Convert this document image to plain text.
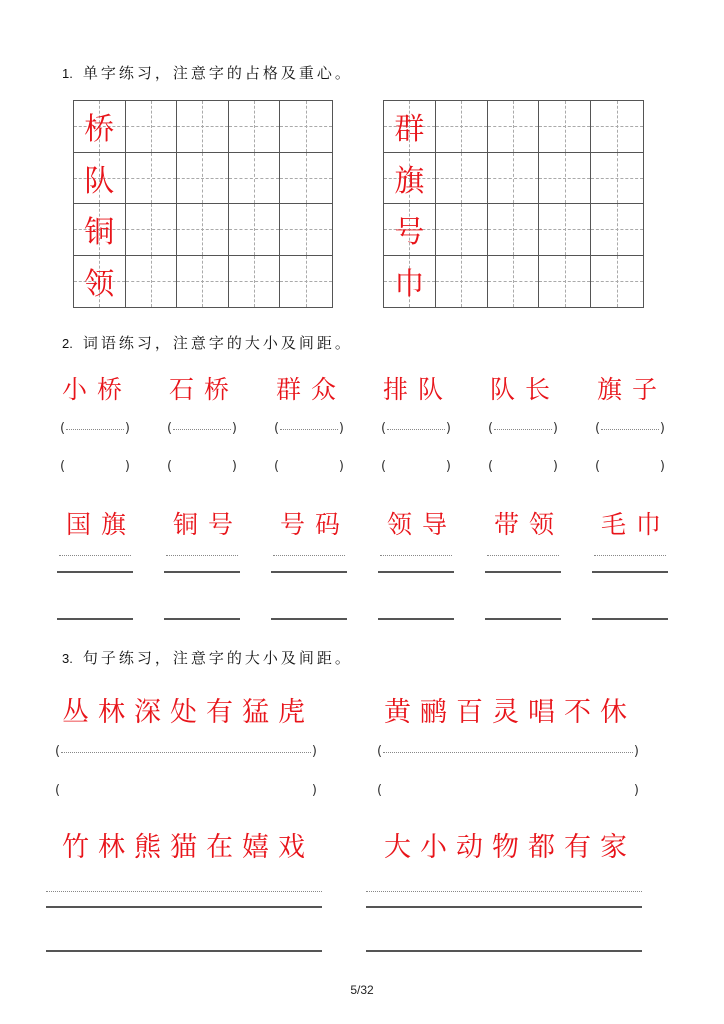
1. 单字练习，注意字的占格及重心。
桥
队
铜
领
群
旗
号
巾
2. 词语练习，注意字的大小及间距。
小桥
(	)
(	)
石桥
(	)
(	)
群众
(	)
(	)
排队
(	)
(	)
队长
(	)
(	)
旗子
(	)
(	)
国旗 铜号 号码 领导 带领 毛巾
3. 句子练习，注意字的大小及间距。
丛林深处有猛虎
(	)
(	)
黄鹂百灵唱不休
(	)
(	)
竹林熊猫在嬉戏	大小动物都有家
5/32
